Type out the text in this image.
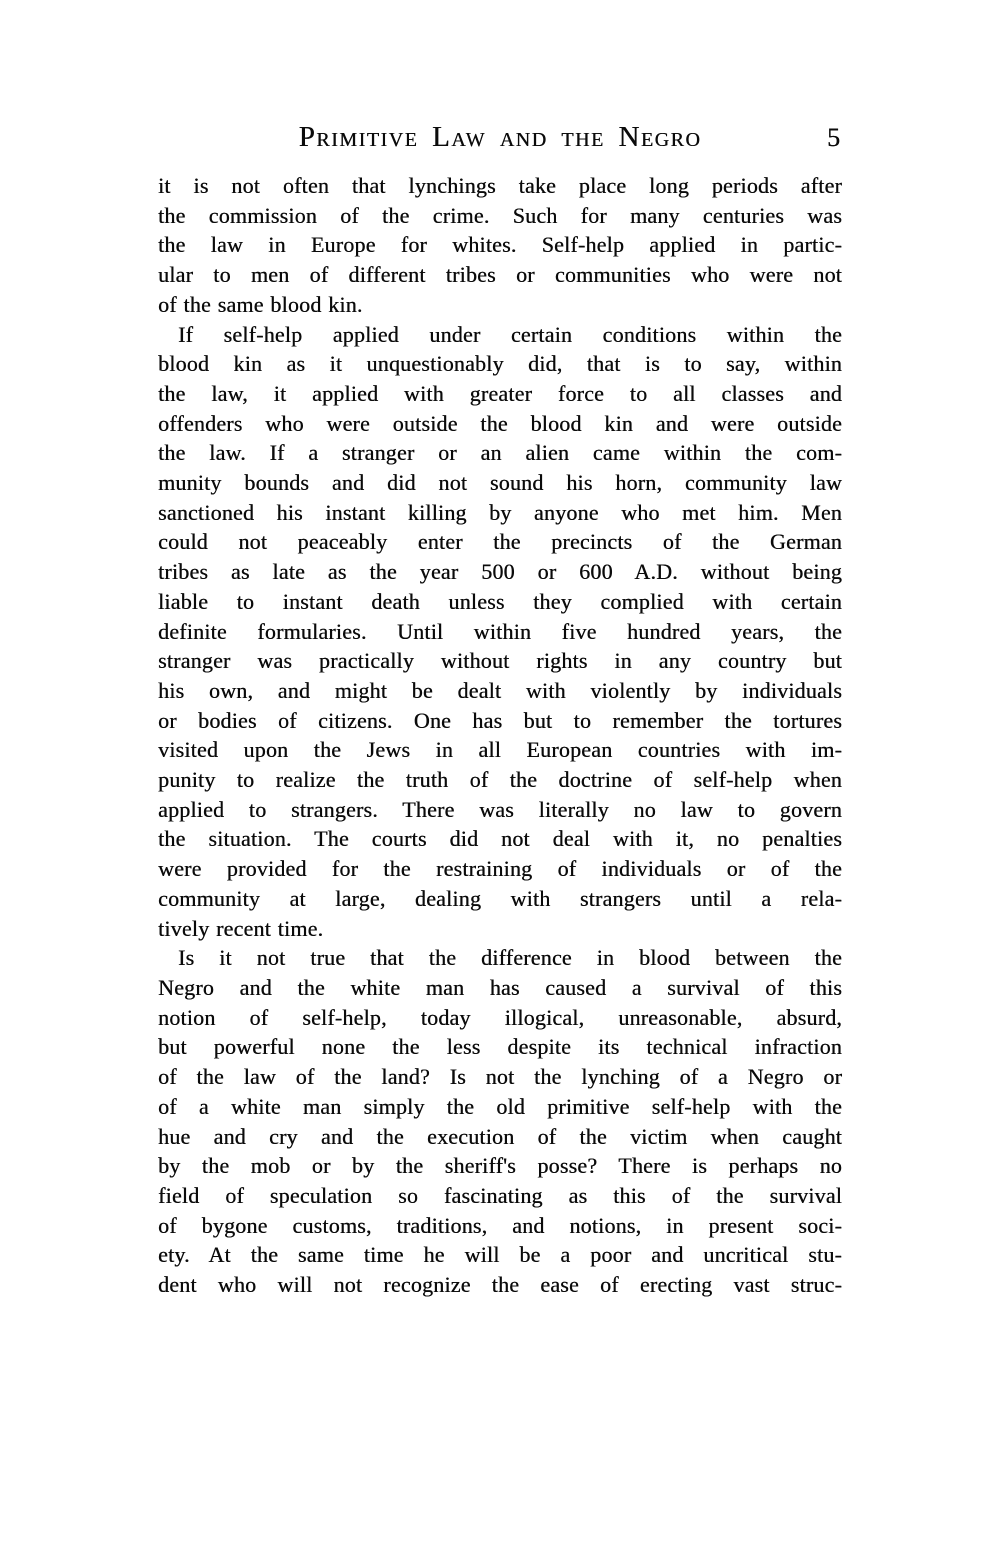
Primitive Law and the Negro	5
it is not often that lynchings take place long periods after
the commission of the crime. Such for many centuries was
the law in Europe for whites. Self-help applied in partic-
ular to men of different tribes or communities who were not
of the same blood kin.
If self-help applied under certain conditions within the
blood kin as it unquestionably did, that is to say, within
the law, it applied with greater force to all classes and
offenders who were outside the blood kin and were outside
the law. If a stranger or an alien came within the com-
munity bounds and did not sound his horn, community law
sanctioned his instant killing by anyone who met him. Men
could not peaceably enter the precincts of the German
tribes as late as the year 500 or 600 A.D. without being
liable to instant death unless they complied with certain
definite formularies. Until within five hundred years, the
stranger was practically without rights in any country but
his own, and might be dealt with violently by individuals
or bodies of citizens. One has but to remember the tortures
visited upon the Jews in all European countries with im-
punity to realize the truth of the doctrine of self-help when
applied to strangers. There was literally no law to govern
the situation. The courts did not deal with it, no penalties
were provided for the restraining of individuals or of the
community at large, dealing with strangers until a rela-
tively recent time.
Is it not true that the difference in blood between the
Negro and the white man has caused a survival of this
notion of self-help, today illogical, unreasonable, absurd,
but powerful none the less despite its technical infraction
of the law of the land? Is not the lynching of a Negro or
of a white man simply the old primitive self-help with the
hue and cry and the execution of the victim when caught
by the mob or by the sheriff's posse? There is perhaps no
field of speculation so fascinating as this of the survival
of bygone customs, traditions, and notions, in present soci-
ety. At the same time he will be a poor and uncritical stu-
dent who will not recognize the ease of erecting vast struc-
